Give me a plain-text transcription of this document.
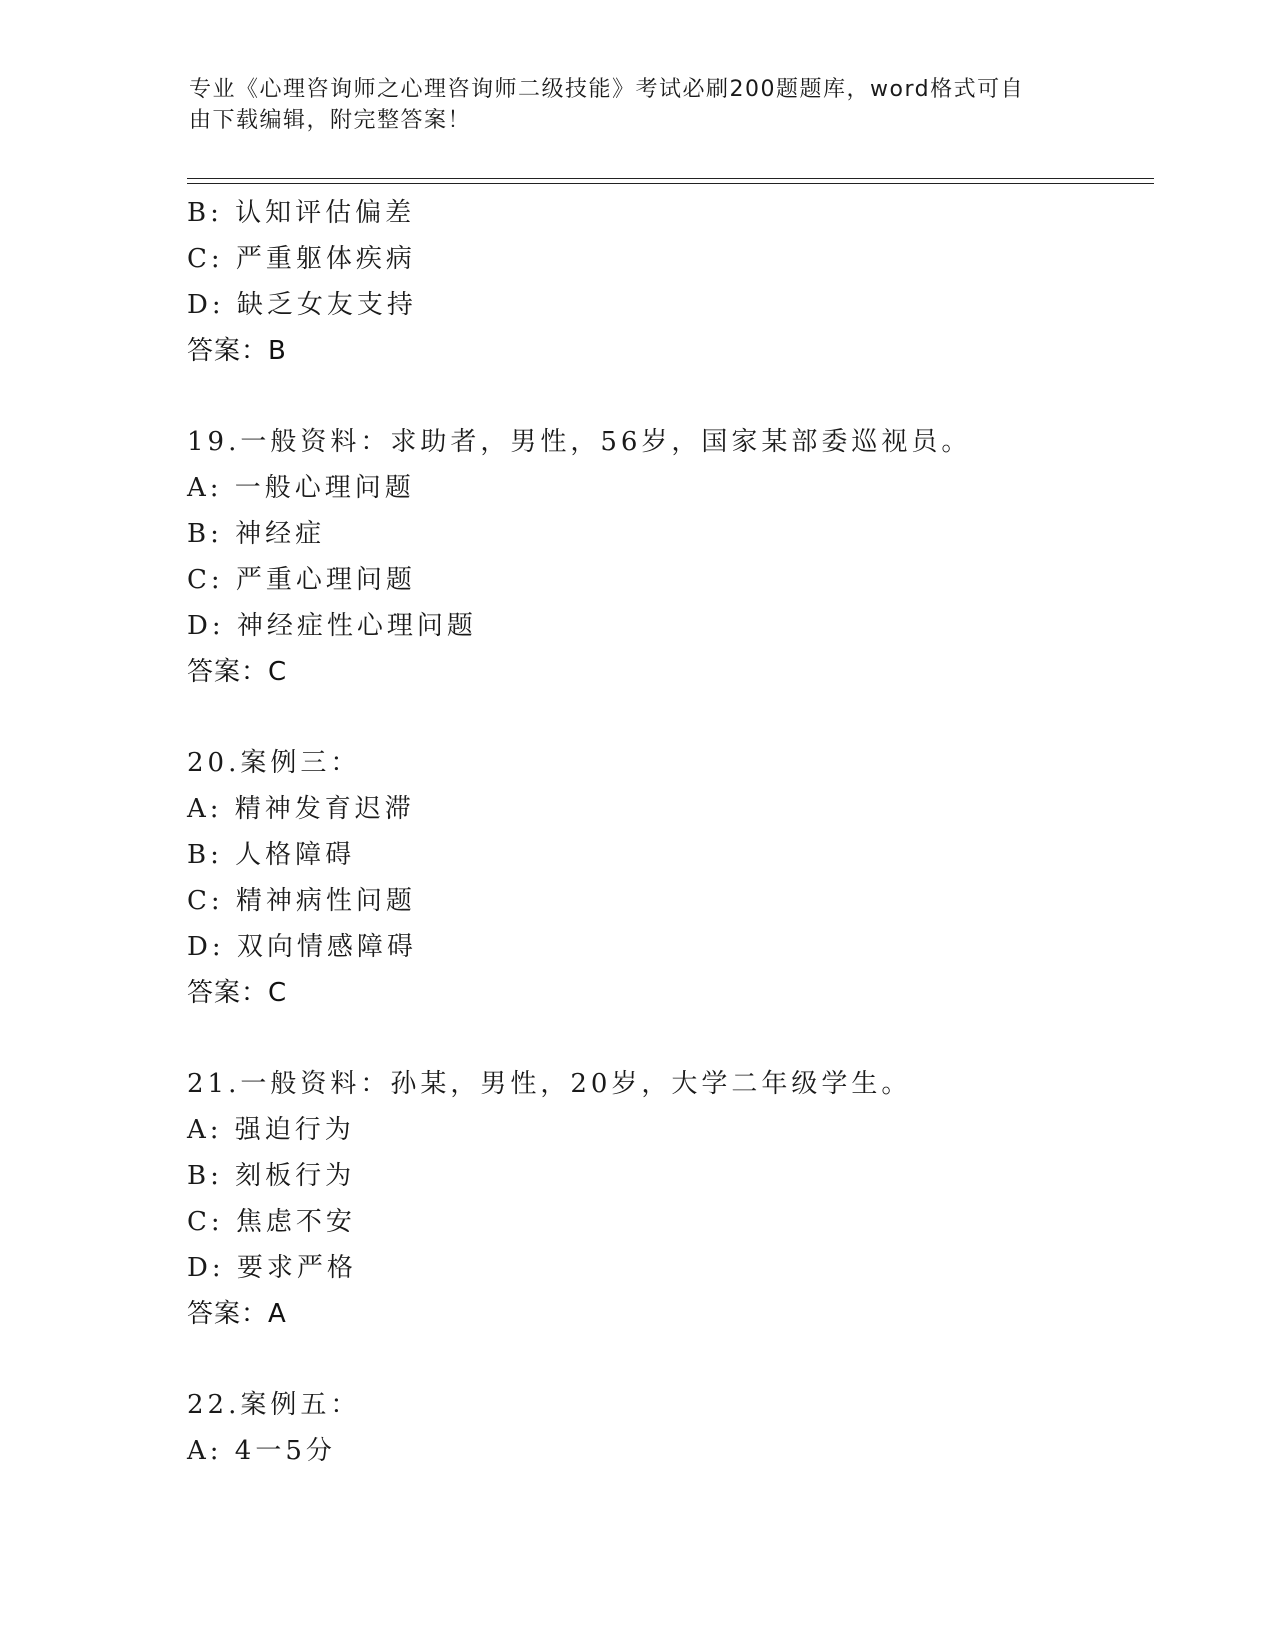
专业《心理咨询师之心理咨询师二级技能》考试必刷200题题库，word格式可自
由下载编辑，附完整答案！
B: 认知评估偏差
C: 严重躯体疾病
D: 缺乏女友支持
答案：B
19.一般资料：求助者，男性，56岁，国家某部委巡视员。
A: 一般心理问题
B: 神经症
C: 严重心理问题
D: 神经症性心理问题
答案：C
20.案例三：
A: 精神发育迟滞
B: 人格障碍
C: 精神病性问题
D: 双向情感障碍
答案：C
21.一般资料：孙某，男性，20岁，大学二年级学生。
A: 强迫行为
B: 刻板行为
C: 焦虑不安
D: 要求严格
答案：A
22.案例五：
A: 4一5分
